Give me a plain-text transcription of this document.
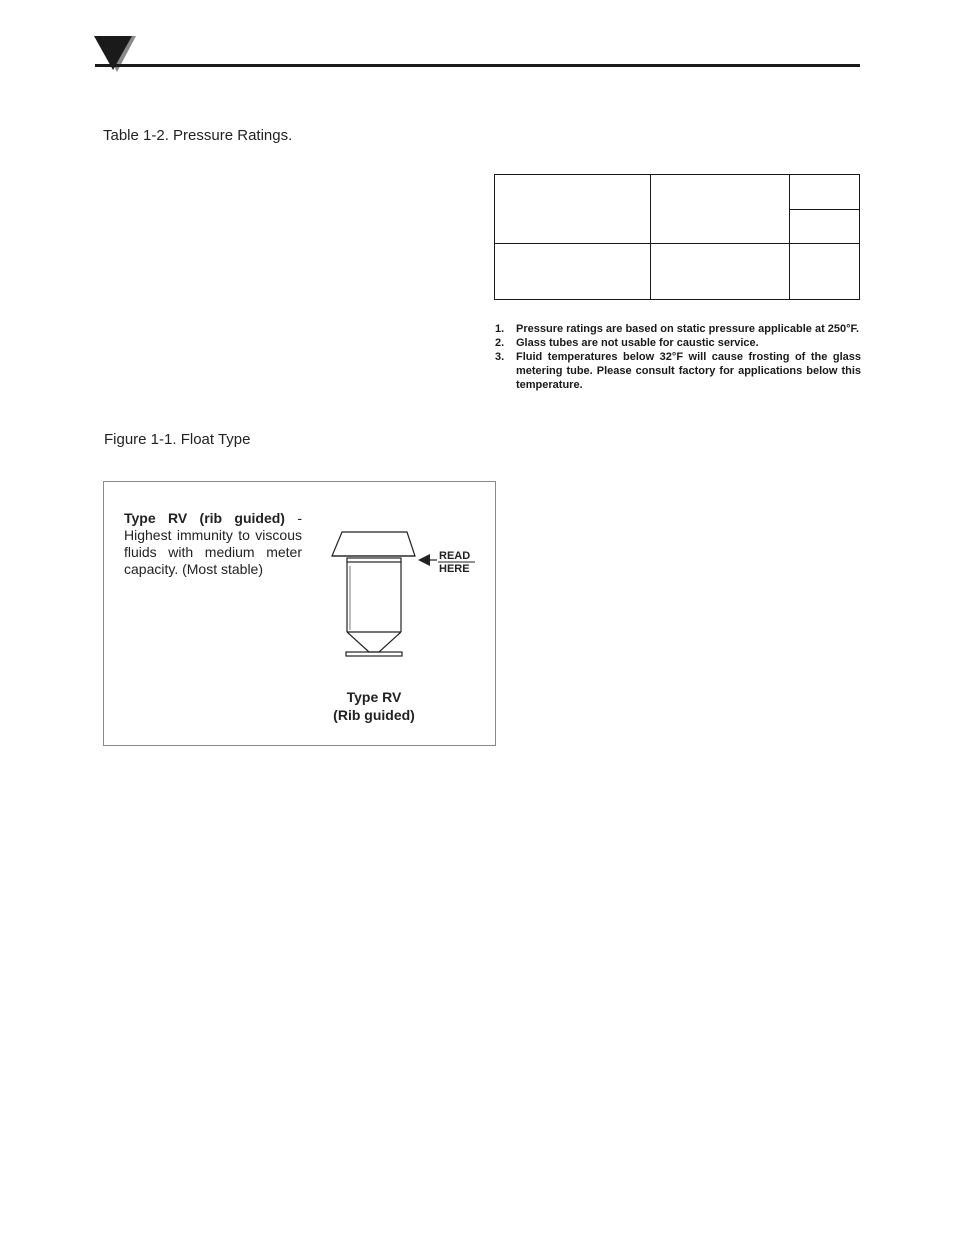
Table 1-2. Pressure Ratings.
1. Pressure ratings are based on static pressure applicable at 250°F.
2. Glass tubes are not usable for caustic service.
3. Fluid temperatures below 32°F will cause frosting of the glass metering tube. Please consult factory for applications below this temperature.
Figure 1-1. Float Type
Type RV (rib guided) - Highest immunity to viscous fluids with medium meter capacity. (Most stable)
READ
HERE
Type RV
(Rib guided)
